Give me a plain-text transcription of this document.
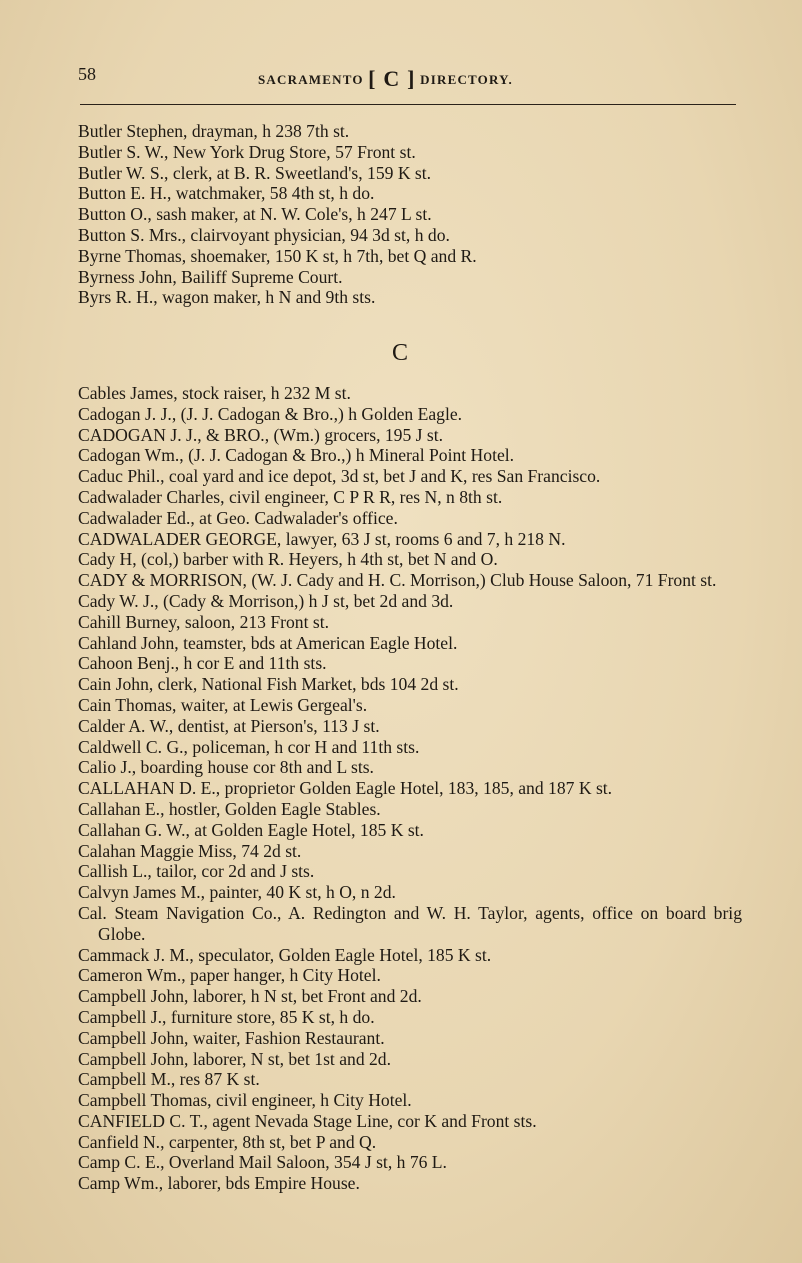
58	SACRAMENTO [ C ] DIRECTORY.
Butler Stephen, drayman, h 238 7th st.
Butler S. W., New York Drug Store, 57 Front st.
Butler W. S., clerk, at B. R. Sweetland's, 159 K st.
Button E. H., watchmaker, 58 4th st, h do.
Button O., sash maker, at N. W. Cole's, h 247 L st.
Button S. Mrs., clairvoyant physician, 94 3d st, h do.
Byrne Thomas, shoemaker, 150 K st, h 7th, bet Q and R.
Byrness John, Bailiff Supreme Court.
Byrs R. H., wagon maker, h N and 9th sts.
C
Cables James, stock raiser, h 232 M st.
Cadogan J. J., (J. J. Cadogan & Bro.,) h Golden Eagle.
CADOGAN J. J., & BRO., (Wm.) grocers, 195 J st.
Cadogan Wm., (J. J. Cadogan & Bro.,) h Mineral Point Hotel.
Caduc Phil., coal yard and ice depot, 3d st, bet J and K, res San Francisco.
Cadwalader Charles, civil engineer, C P R R, res N, n 8th st.
Cadwalader Ed., at Geo. Cadwalader's office.
CADWALADER GEORGE, lawyer, 63 J st, rooms 6 and 7, h 218 N.
Cady H, (col,) barber with R. Heyers, h 4th st, bet N and O.
CADY & MORRISON, (W. J. Cady and H. C. Morrison,) Club House Saloon, 71 Front st.
Cady W. J., (Cady & Morrison,) h J st, bet 2d and 3d.
Cahill Burney, saloon, 213 Front st.
Cahland John, teamster, bds at American Eagle Hotel.
Cahoon Benj., h cor E and 11th sts.
Cain John, clerk, National Fish Market, bds 104 2d st.
Cain Thomas, waiter, at Lewis Gergeal's.
Calder A. W., dentist, at Pierson's, 113 J st.
Caldwell C. G., policeman, h cor H and 11th sts.
Calio J., boarding house cor 8th and L sts.
CALLAHAN D. E., proprietor Golden Eagle Hotel, 183, 185, and 187 K st.
Callahan E., hostler, Golden Eagle Stables.
Callahan G. W., at Golden Eagle Hotel, 185 K st.
Calahan Maggie Miss, 74 2d st.
Callish L., tailor, cor 2d and J sts.
Calvyn James M., painter, 40 K st, h O, n 2d.
Cal. Steam Navigation Co., A. Redington and W. H. Taylor, agents, office on board brig Globe.
Cammack J. M., speculator, Golden Eagle Hotel, 185 K st.
Cameron Wm., paper hanger, h City Hotel.
Campbell John, laborer, h N st, bet Front and 2d.
Campbell J., furniture store, 85 K st, h do.
Campbell John, waiter, Fashion Restaurant.
Campbell John, laborer, N st, bet 1st and 2d.
Campbell M., res 87 K st.
Campbell Thomas, civil engineer, h City Hotel.
CANFIELD C. T., agent Nevada Stage Line, cor K and Front sts.
Canfield N., carpenter, 8th st, bet P and Q.
Camp C. E., Overland Mail Saloon, 354 J st, h 76 L.
Camp Wm., laborer, bds Empire House.
